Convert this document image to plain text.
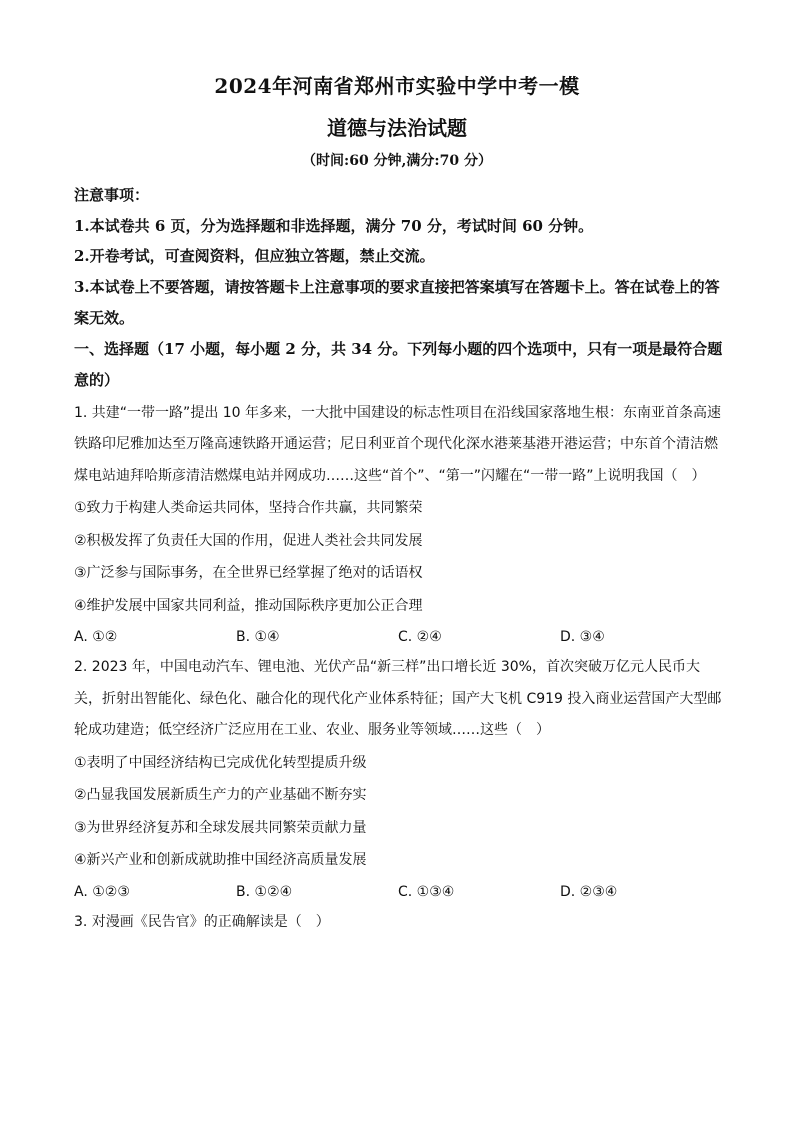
2024年河南省郑州市实验中学中考一模
道德与法治试题
（时间:60 分钟,满分:70 分）
注意事项：
1.本试卷共 6 页，分为选择题和非选择题，满分 70 分，考试时间 60 分钟。
2.开卷考试，可查阅资料，但应独立答题，禁止交流。
3.本试卷上不要答题，请按答题卡上注意事项的要求直接把答案填写在答题卡上。答在试卷上的答案无效。
一、选择题（17 小题，每小题 2 分，共 34 分。下列每小题的四个选项中，只有一项是最符合题意的）
1. 共建“一带一路”提出 10 年多来，一大批中国建设的标志性项目在沿线国家落地生根：东南亚首条高速铁路印尼雅加达至万隆高速铁路开通运营；尼日利亚首个现代化深水港莱基港开港运营；中东首个清洁燃煤电站迪拜哈斯彦清洁燃煤电站并网成功……这些“首个”、“第一”闪耀在“一带一路”上说明我国（　）
①致力于构建人类命运共同体，坚持合作共赢，共同繁荣
②积极发挥了负责任大国的作用，促进人类社会共同发展
③广泛参与国际事务，在全世界已经掌握了绝对的话语权
④维护发展中国家共同利益，推动国际秩序更加公正合理
A. ①②	B. ①④	C. ②④	D. ③④
2. 2023 年，中国电动汽车、锂电池、光伏产品“新三样”出口增长近 30%，首次突破万亿元人民币大关，折射出智能化、绿色化、融合化的现代化产业体系特征；国产大飞机 C919 投入商业运营国产大型邮轮成功建造；低空经济广泛应用在工业、农业、服务业等领域……这些（　）
①表明了中国经济结构已完成优化转型提质升级
②凸显我国发展新质生产力的产业基础不断夯实
③为世界经济复苏和全球发展共同繁荣贡献力量
④新兴产业和创新成就助推中国经济高质量发展
A. ①②③	B. ①②④	C. ①③④	D. ②③④
3. 对漫画《民告官》的正确解读是（　）
